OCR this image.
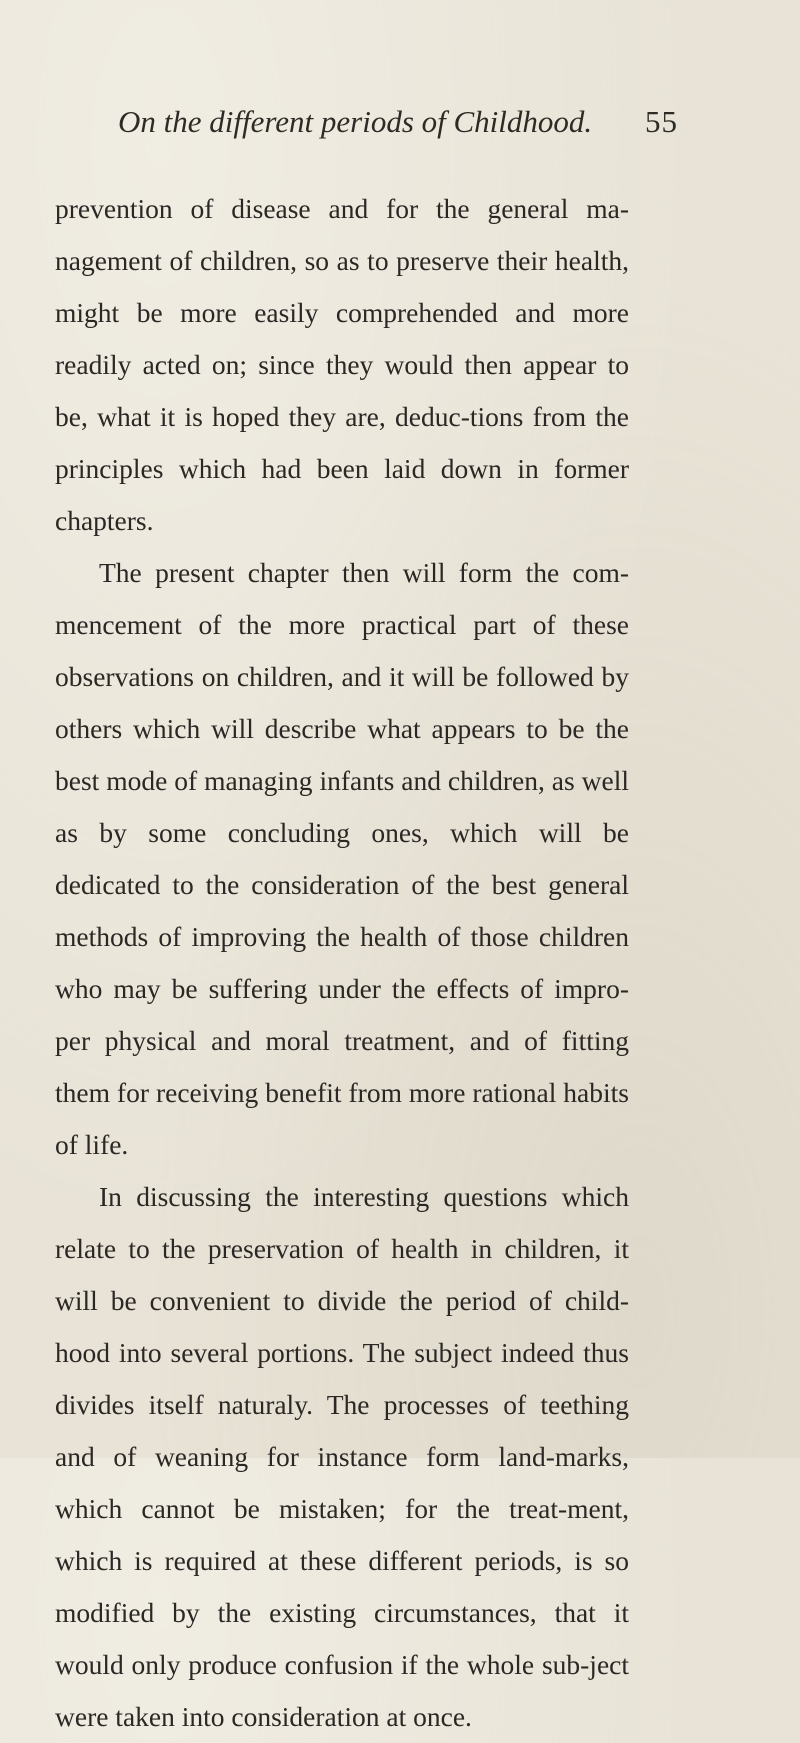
On the different periods of Childhood. 55

prevention of disease and for the general ma-nagement of children, so as to preserve their health, might be more easily comprehended and more readily acted on; since they would then appear to be, what it is hoped they are, deduc-tions from the principles which had been laid down in former chapters.

The present chapter then will form the com-mencement of the more practical part of these observations on children, and it will be followed by others which will describe what appears to be the best mode of managing infants and children, as well as by some concluding ones, which will be dedicated to the consideration of the best general methods of improving the health of those children who may be suffering under the effects of impro-per physical and moral treatment, and of fitting them for receiving benefit from more rational habits of life.

In discussing the interesting questions which relate to the preservation of health in children, it will be convenient to divide the period of child-hood into several portions. The subject indeed thus divides itself naturaly. The processes of teething and of weaning for instance form land-marks, which cannot be mistaken; for the treat-ment, which is required at these different periods, is so modified by the existing circumstances, that it would only produce confusion if the whole sub-ject were taken into consideration at once.
